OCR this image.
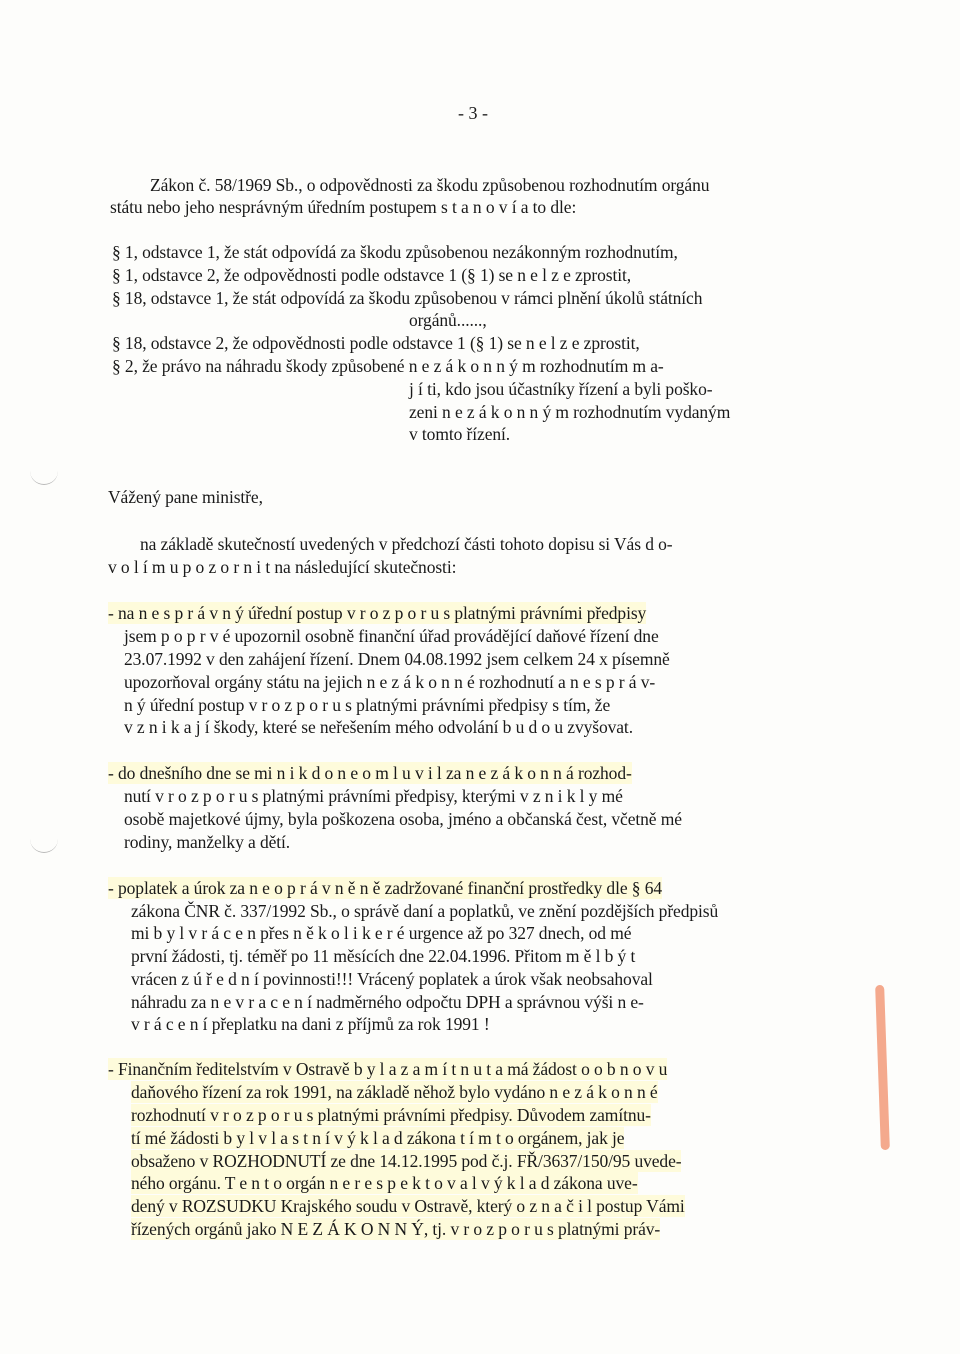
- 3 -
Zákon č. 58/1969 Sb., o odpovědnosti za škodu způsobenou rozhodnutím orgánu
státu nebo jeho nesprávným úředním postupem s t a n o v í a to dle:
§ 1, odstavce 1, že stát odpovídá za škodu způsobenou nezákonným rozhodnutím,
§ 1, odstavce 2, že odpovědnosti podle odstavce 1 (§ 1) se n e l z e zprostit,
§ 18, odstavce 1, že stát odpovídá za škodu způsobenou v rámci plnění úkolů státních
orgánů......,
§ 18, odstavce 2, že odpovědnosti podle odstavce 1 (§ 1) se n e l z e zprostit,
§ 2, že právo na náhradu škody způsobené n e z á k o n n ý m rozhodnutím m a-
j í ti, kdo jsou účastníky řízení a byli poško-
zeni n e z á k o n n ý m rozhodnutím vydaným
v tomto řízení.
Vážený pane ministře,
na základě skutečností uvedených v předchozí části tohoto dopisu si Vás d o-
v o l í m u p o z o r n i t na následující skutečnosti:
- na n e s p r á v n ý úřední postup v r o z p o r u s platnými právními předpisy
jsem p o p r v é upozornil osobně finanční úřad provádějící daňové řízení dne
23.07.1992 v den zahájení řízení. Dnem 04.08.1992 jsem celkem 24 x písemně
upozorňoval orgány státu na jejich n e z á k o n n é rozhodnutí a n e s p r á v-
n ý úřední postup v r o z p o r u s platnými právními předpisy s tím, že
v z n i k a j í škody, které se neřešením mého odvolání b u d o u zvyšovat.
- do dnešního dne se mi n i k d o n e o m l u v i l za n e z á k o n n á rozhod-
nutí v r o z p o r u s platnými právními předpisy, kterými v z n i k l y mé
osobě majetkové újmy, byla poškozena osoba, jméno a občanská čest, včetně mé
rodiny, manželky a dětí.
- poplatek a úrok za n e o p r á v n ě n ě zadržované finanční prostředky dle § 64
zákona ČNR č. 337/1992 Sb., o správě daní a poplatků, ve znění pozdějších předpisů
mi b y l v r á c e n přes n ě k o l i k e r é urgence až po 327 dnech, od mé
první žádosti, tj. téměř po 11 měsících dne 22.04.1996. Přitom m ě l b ý t
vrácen z ú ř e d n í povinnosti!!! Vrácený poplatek a úrok však neobsahoval
náhradu za n e v r a c e n í nadměrného odpočtu DPH a správnou výši n e-
v r á c e n í přeplatku na dani z příjmů za rok 1991 !
- Finančním ředitelstvím v Ostravě b y l a z a m í t n u t a má žádost o o b n o v u
daňového řízení za rok 1991, na základě něhož bylo vydáno n e z á k o n n é
rozhodnutí v r o z p o r u s platnými právními předpisy. Důvodem zamítnu-
tí mé žádosti b y l v l a s t n í v ý k l a d zákona t í m t o orgánem, jak je
obsaženo v ROZHODNUTÍ ze dne 14.12.1995 pod č.j. FŘ/3637/150/95 uvede-
ného orgánu. T e n t o orgán n e r e s p e k t o v a l v ý k l a d zákona uve-
dený v ROZSUDKU Krajského soudu v Ostravě, který o z n a č i l postup Vámi
řízených orgánů jako N E Z Á K O N N Ý, tj. v r o z p o r u s platnými práv-
